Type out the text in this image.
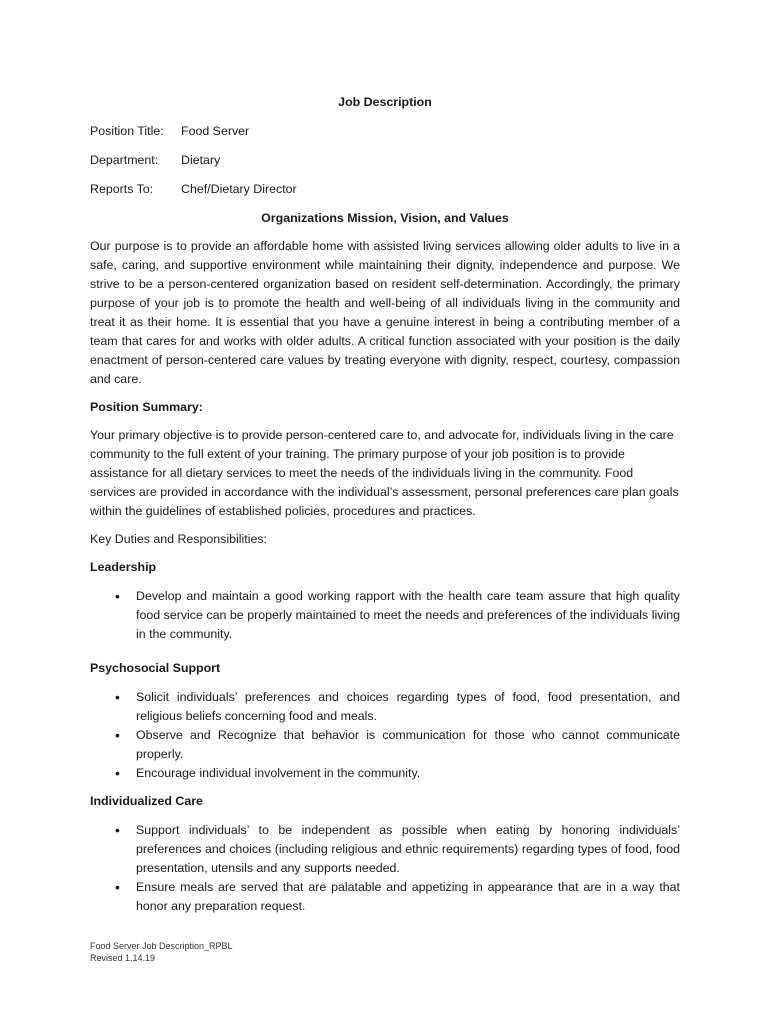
Job Description
Position Title:	Food Server
Department:	Dietary
Reports To:	Chef/Dietary Director
Organizations Mission, Vision, and Values
Our purpose is to provide an affordable home with assisted living services allowing older adults to live in a safe, caring, and supportive environment while maintaining their dignity, independence and purpose. We strive to be a person-centered organization based on resident self-determination. Accordingly, the primary purpose of your job is to promote the health and well-being of all individuals living in the community and treat it as their home. It is essential that you have a genuine interest in being a contributing member of a team that cares for and works with older adults. A critical function associated with your position is the daily enactment of person-centered care values by treating everyone with dignity, respect, courtesy, compassion and care.
Position Summary:
Your primary objective is to provide person-centered care to, and advocate for, individuals living in the care community to the full extent of your training. The primary purpose of your job position is to provide assistance for all dietary services to meet the needs of the individuals living in the community. Food services are provided in accordance with the individual’s assessment, personal preferences care plan goals within the guidelines of established policies, procedures and practices.
Key Duties and Responsibilities:
Leadership
• Develop and maintain a good working rapport with the health care team assure that high quality food service can be properly maintained to meet the needs and preferences of the individuals living in the community.
Psychosocial Support
• Solicit individuals’ preferences and choices regarding types of food, food presentation, and religious beliefs concerning food and meals.
• Observe and Recognize that behavior is communication for those who cannot communicate properly.
• Encourage individual involvement in the community.
Individualized Care
• Support individuals’ to be independent as possible when eating by honoring individuals’ preferences and choices (including religious and ethnic requirements) regarding types of food, food presentation, utensils and any supports needed.
• Ensure meals are served that are palatable and appetizing in appearance that are in a way that honor any preparation request.
Food Server Job Description_RPBL
Revised 1.14.19
